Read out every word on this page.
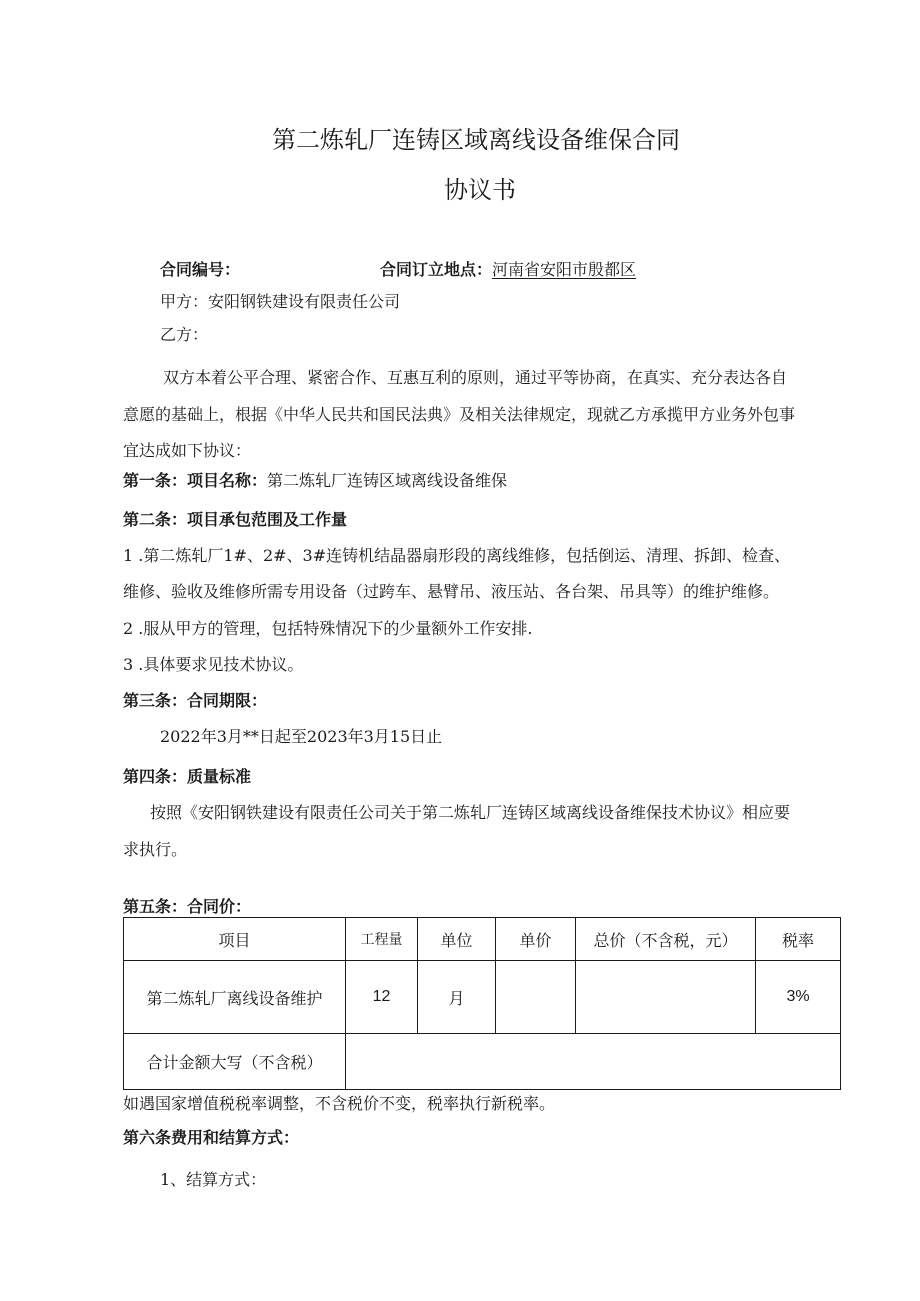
第二炼轧厂连铸区域离线设备维保合同
协议书
合同编号：	合同订立地点：河南省安阳市殷都区
甲方：安阳钢铁建设有限责任公司
乙方：
双方本着公平合理、紧密合作、互惠互利的原则，通过平等协商，在真实、充分表达各自
意愿的基础上，根据《中华人民共和国民法典》及相关法律规定，现就乙方承揽甲方业务外包事
宜达成如下协议：
第一条：项目名称：第二炼轧厂连铸区域离线设备维保
第二条：项目承包范围及工作量
1 .第二炼轧厂1#、2#、3#连铸机结晶器扇形段的离线维修，包括倒运、清理、拆卸、检查、
维修、验收及维修所需专用设备（过跨车、悬臂吊、液压站、各台架、吊具等）的维护维修。
2 .服从甲方的管理，包括特殊情况下的少量额外工作安排.
3 .具体要求见技术协议。
第三条：合同期限：
2022年3月**日起至2023年3月15日止
第四条：质量标准
按照《安阳钢铁建设有限责任公司关于第二炼轧厂连铸区域离线设备维保技术协议》相应要
求执行。
第五条：合同价：
项目	工程量	单位	单价	总价（不含税，元）	税率
第二炼轧厂离线设备维护	12	月			3%
合计金额大写（不含税）					
如遇国家增值税税率调整，不含税价不变，税率执行新税率。
第六条费用和结算方式：
1、结算方式：
